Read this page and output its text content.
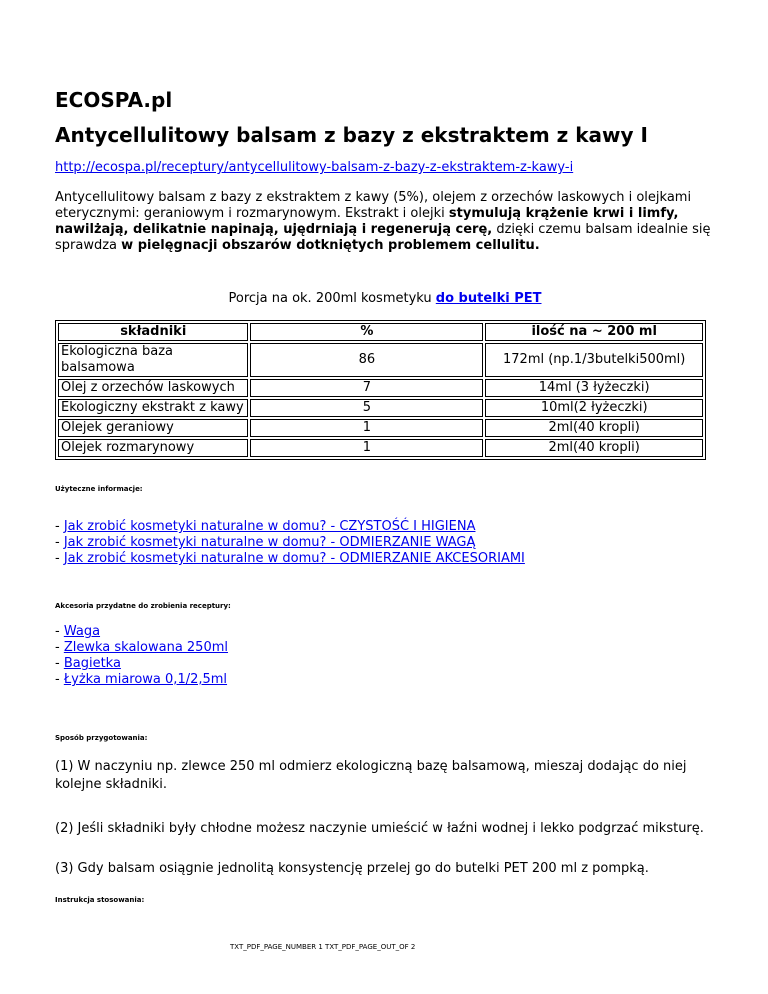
ECOSPA.pl
Antycellulitowy balsam z bazy z ekstraktem z kawy I
http://ecospa.pl/receptury/antycellulitowy-balsam-z-bazy-z-ekstraktem-z-kawy-i

Antycellulitowy balsam z bazy z ekstraktem z kawy (5%), olejem z orzechów laskowych i olejkami eterycznymi: geraniowym i rozmarynowym. Ekstrakt i olejki stymulują krążenie krwi i limfy, nawilżają, delikatnie napinają, ujędrniają i regenerują cerę, dzięki czemu balsam idealnie się sprawdza w pielęgnacji obszarów dotkniętych problemem cellulitu.

Porcja na ok. 200ml kosmetyku do butelki PET
składniki	%	ilość na ~ 200 ml
Ekologiczna baza balsamowa	86	172ml (np.1/3butelki500ml)
Olej z orzechów laskowych	7	14ml (3 łyżeczki)
Ekologiczny ekstrakt z kawy	5	10ml(2 łyżeczki)
Olejek geraniowy	1	2ml(40 kropli)
Olejek rozmarynowy	1	2ml(40 kropli)
Użyteczne informacje:
- Jak zrobić kosmetyki naturalne w domu? - CZYSTOŚĆ I HIGIENA
- Jak zrobić kosmetyki naturalne w domu? - ODMIERZANIE WAGĄ
- Jak zrobić kosmetyki naturalne w domu? - ODMIERZANIE AKCESORIAMI
Akcesoria przydatne do zrobienia receptury:
- Waga
- Zlewka skalowana 250ml
- Bagietka
- Łyżka miarowa 0,1/2,5ml
Sposób przygotowania:

(1) W naczyniu np. zlewce 250 ml odmierz ekologiczną bazę balsamową, mieszaj dodając do niej kolejne składniki.

(2) Jeśli składniki były chłodne możesz naczynie umieścić w łaźni wodnej i lekko podgrzać miksturę.

(3) Gdy balsam osiągnie jednolitą konsystencję przelej go do butelki PET 200 ml z pompką.

Instrukcja stosowania:
TXT_PDF_PAGE_NUMBER 1 TXT_PDF_PAGE_OUT_OF 2
